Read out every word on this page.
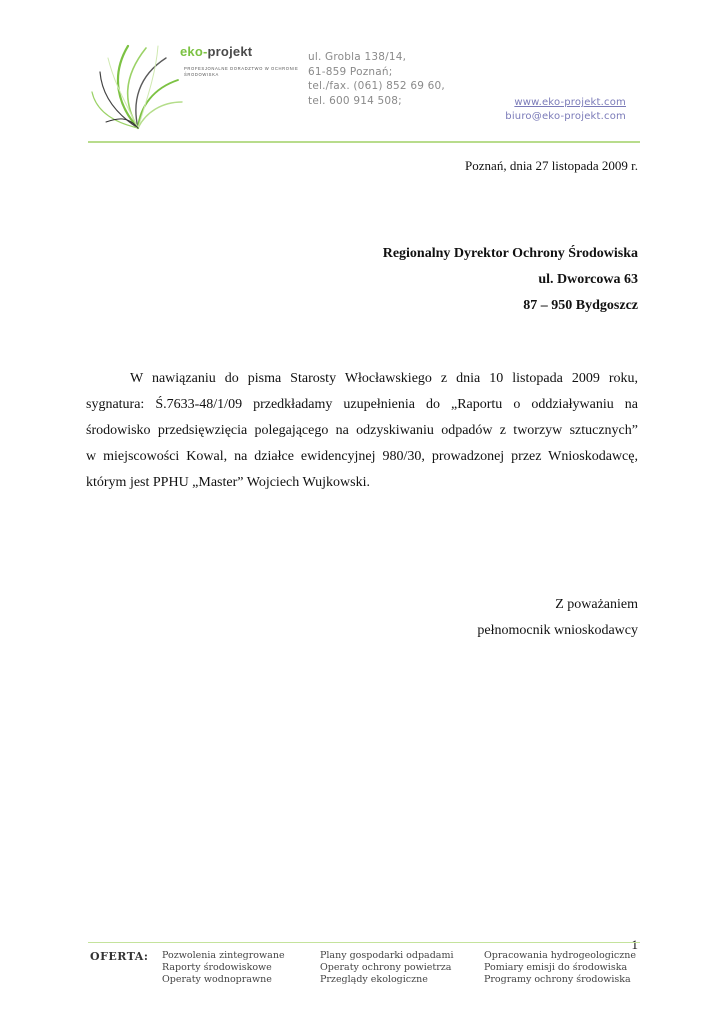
eko-projekt
PROFESJONALNE DORADZTWO W OCHRONIE ŚRODOWISKA
ul. Grobla 138/14,
61-859 Poznań;
tel./fax. (061) 852 69 60,
tel. 600 914 508;	www.eko-projekt.com
biuro@eko-projekt.com
Poznań, dnia 27 listopada 2009 r.
Regionalny Dyrektor Ochrony Środowiska
ul. Dworcowa 63
87 – 950 Bydgoszcz
W nawiązaniu do pisma Starosty Włocławskiego z dnia 10 listopada 2009 roku,
sygnatura: Ś.7633-48/1/09 przedkładamy uzupełnienia do „Raportu o oddziaływaniu na
środowisko przedsięwzięcia polegającego na odzyskiwaniu odpadów z tworzyw sztucznych”
w miejscowości Kowal, na działce ewidencyjnej 980/30, prowadzonej przez Wnioskodawcę,
którym jest PPHU „Master” Wojciech Wujkowski.
Z poważaniem
pełnomocnik wnioskodawcy
1
OFERTA: Pozwolenia zintegrowane
Raporty środowiskowe
Operaty wodnoprawne
Plany gospodarki odpadami
Operaty ochrony powietrza
Przeglądy ekologiczne
Opracowania hydrogeologiczne
Pomiary emisji do środowiska
Programy ochrony środowiska
